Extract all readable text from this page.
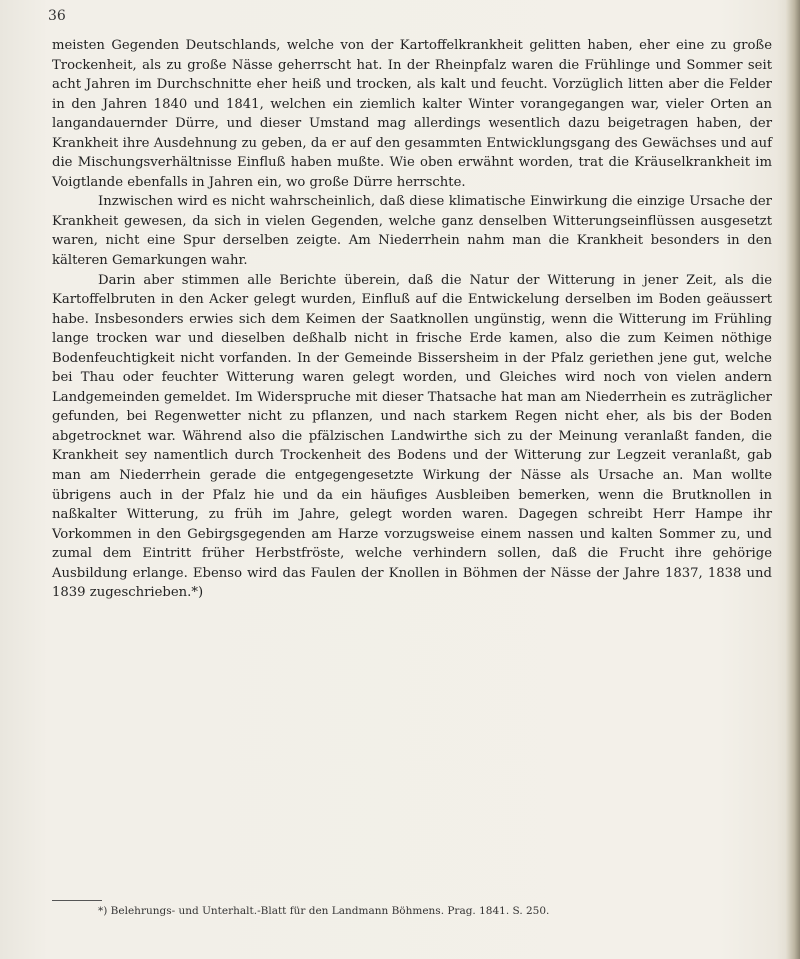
36

meisten Gegenden Deutschlands, welche von der Kartoffelkrankheit gelitten haben, eher eine zu große Trockenheit, als zu große Nässe geherrscht hat. In der Rheinpfalz waren die Frühlinge und Sommer seit acht Jahren im Durchschnitte eher heiß und trocken, als kalt und feucht. Vorzüglich litten aber die Felder in den Jahren 1840 und 1841, welchen ein ziemlich kalter Winter vorangegangen war, vieler Orten an langandauernder Dürre, und dieser Umstand mag allerdings wesentlich dazu beigetragen haben, der Krankheit ihre Ausdehnung zu geben, da er auf den gesammten Entwicklungsgang des Gewächses und auf die Mischungsverhältnisse Einfluß haben mußte. Wie oben erwähnt worden, trat die Kräuselkrankheit im Voigtlande ebenfalls in Jahren ein, wo große Dürre herrschte.

Inzwischen wird es nicht wahrscheinlich, daß diese klimatische Einwirkung die einzige Ursache der Krankheit gewesen, da sich in vielen Gegenden, welche ganz denselben Witterungseinflüssen ausgesetzt waren, nicht eine Spur derselben zeigte. Am Niederrhein nahm man die Krankheit besonders in den kälteren Gemarkungen wahr.

Darin aber stimmen alle Berichte überein, daß die Natur der Witterung in jener Zeit, als die Kartoffelbruten in den Acker gelegt wurden, Einfluß auf die Entwickelung derselben im Boden geäussert habe. Insbesonders erwies sich dem Keimen der Saatknollen ungünstig, wenn die Witterung im Frühling lange trocken war und dieselben deßhalb nicht in frische Erde kamen, also die zum Keimen nöthige Bodenfeuchtigkeit nicht vorfanden. In der Gemeinde Bissersheim in der Pfalz geriethen jene gut, welche bei Thau oder feuchter Witterung waren gelegt worden, und Gleiches wird noch von vielen andern Landgemeinden gemeldet. Im Widerspruche mit dieser Thatsache hat man am Niederrhein es zuträglicher gefunden, bei Regenwetter nicht zu pflanzen, und nach starkem Regen nicht eher, als bis der Boden abgetrocknet war. Während also die pfälzischen Landwirthe sich zu der Meinung veranlaßt fanden, die Krankheit sey namentlich durch Trockenheit des Bodens und der Witterung zur Legzeit veranlaßt, gab man am Niederrhein gerade die entgegengesetzte Wirkung der Nässe als Ursache an. Man wollte übrigens auch in der Pfalz hie und da ein häufiges Ausbleiben bemerken, wenn die Brutknollen in naßkalter Witterung, zu früh im Jahre, gelegt worden waren. Dagegen schreibt Herr Hampe ihr Vorkommen in den Gebirgsgegenden am Harze vorzugsweise einem nassen und kalten Sommer zu, und zumal dem Eintritt früher Herbstfröste, welche verhindern sollen, daß die Frucht ihre gehörige Ausbildung erlange. Ebenso wird das Faulen der Knollen in Böhmen der Nässe der Jahre 1837, 1838 und 1839 zugeschrieben.*)

*) Belehrungs- und Unterhalt.-Blatt für den Landmann Böhmens. Prag. 1841. S. 250.
